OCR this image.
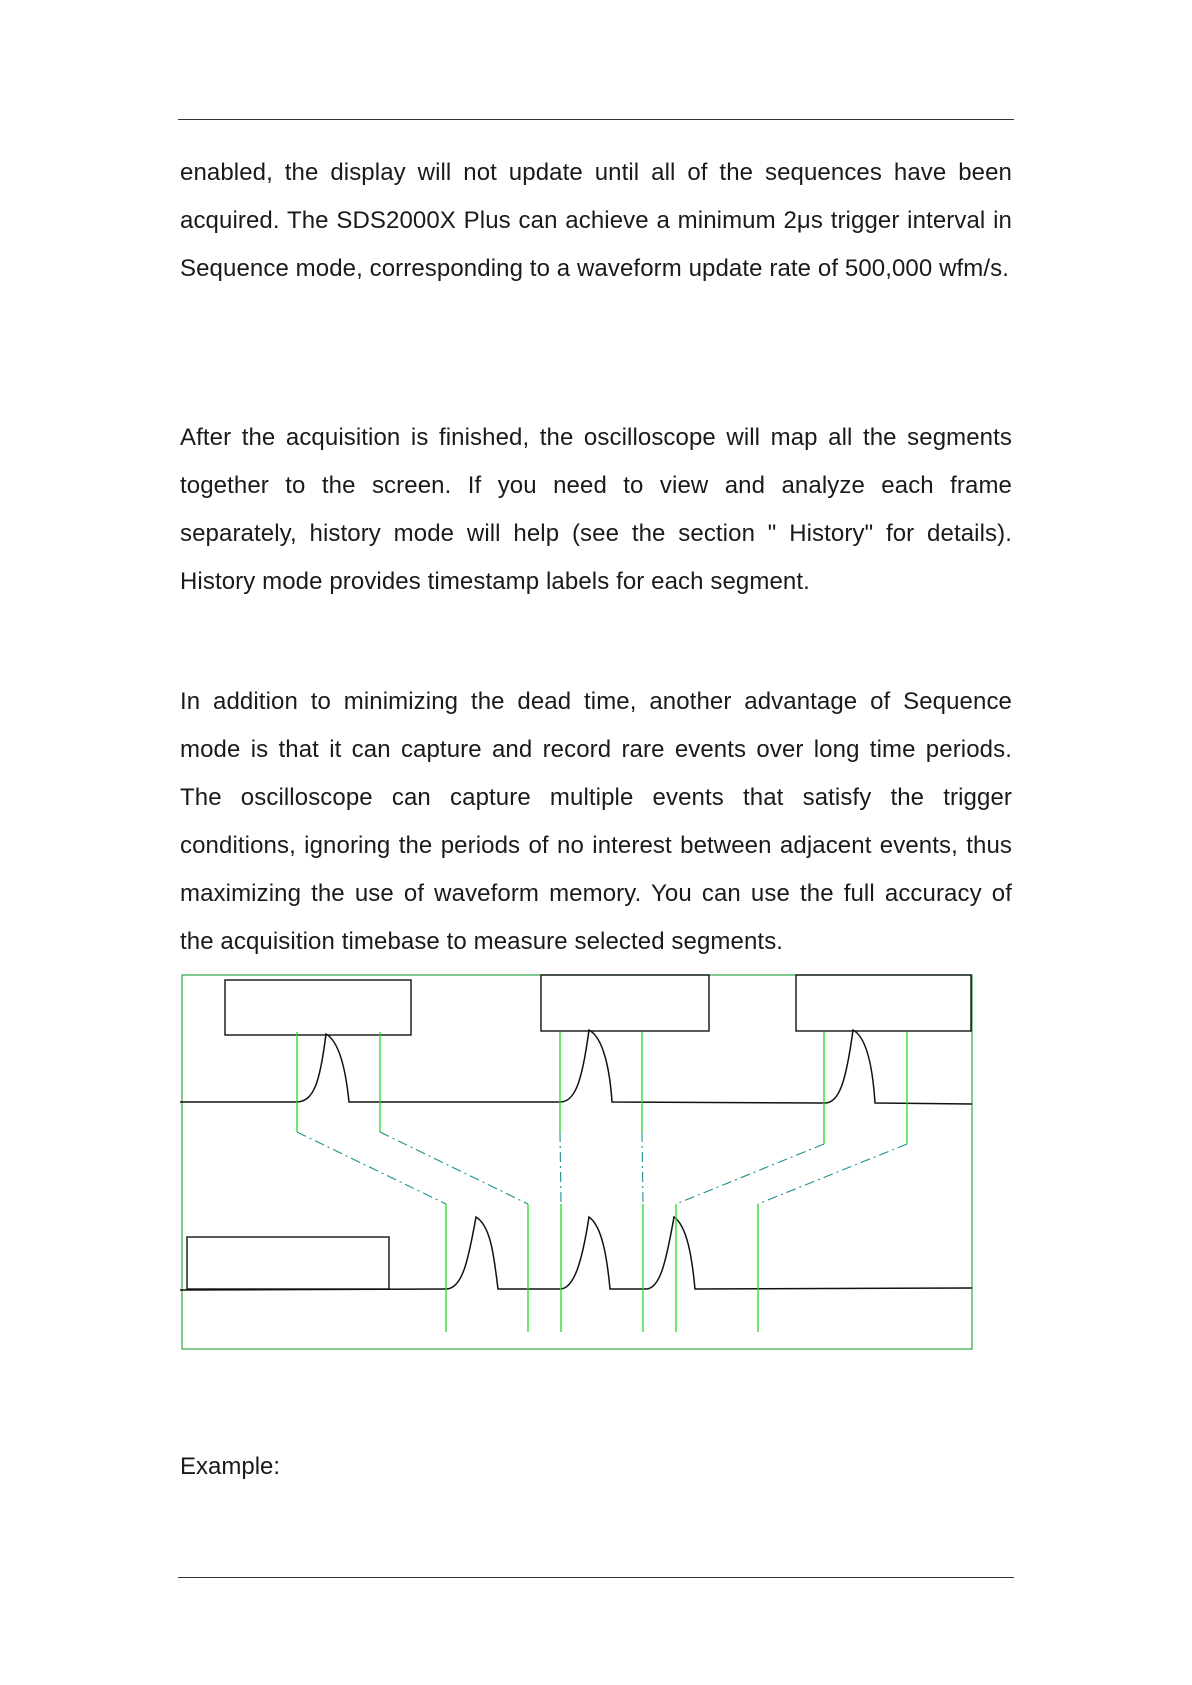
enabled, the display will not update until all of the sequences have been acquired. The SDS2000X Plus can achieve a minimum 2μs trigger interval in Sequence mode, corresponding to a waveform update rate of 500,000 wfm/s.

After the acquisition is finished, the oscilloscope will map all the segments together to the screen. If you need to view and analyze each frame separately, history mode will help (see the section " History" for details). History mode provides timestamp labels for each segment.

In addition to minimizing the dead time, another advantage of Sequence mode is that it can capture and record rare events over long time periods. The oscilloscope can capture multiple events that satisfy the trigger conditions, ignoring the periods of no interest between adjacent events, thus maximizing the use of waveform memory. You can use the full accuracy of the acquisition timebase to measure selected segments.

Example:
